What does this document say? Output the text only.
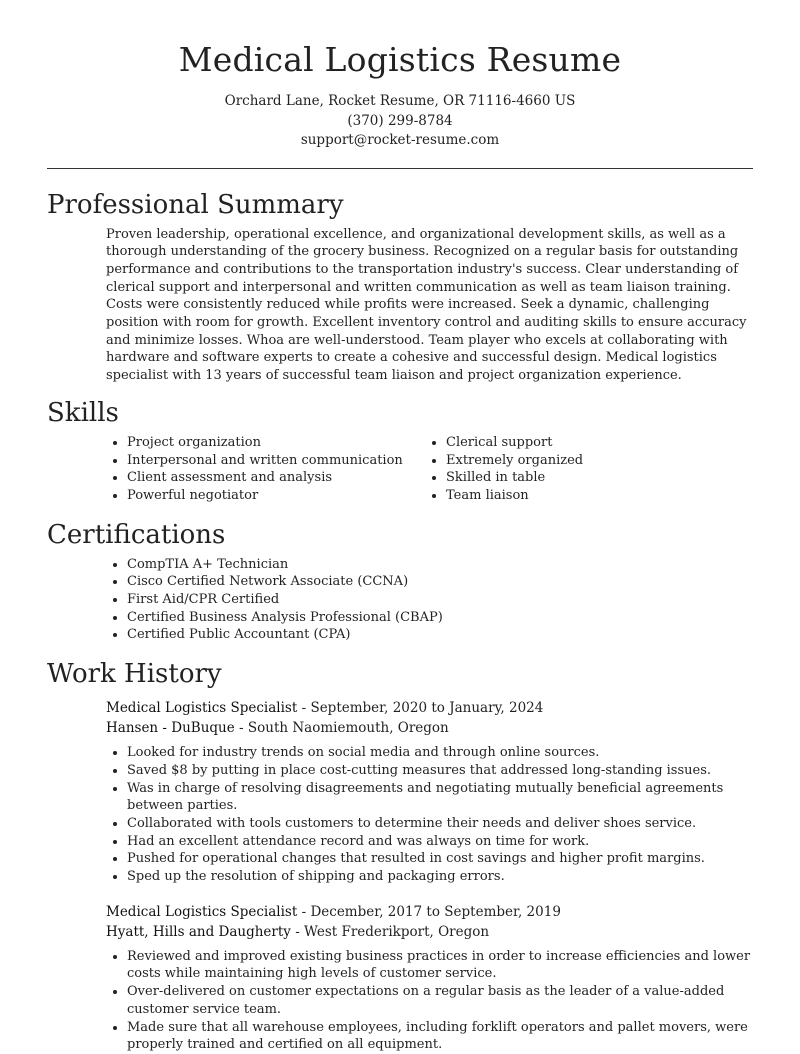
Medical Logistics Resume
Orchard Lane, Rocket Resume, OR 71116-4660 US
(370) 299-8784
support@rocket-resume.com
Professional Summary
Proven leadership, operational excellence, and organizational development skills, as well as a thorough understanding of the grocery business. Recognized on a regular basis for outstanding performance and contributions to the transportation industry's success. Clear understanding of clerical support and interpersonal and written communication as well as team liaison training. Costs were consistently reduced while profits were increased. Seek a dynamic, challenging position with room for growth. Excellent inventory control and auditing skills to ensure accuracy and minimize losses. Whoa are well-understood. Team player who excels at collaborating with hardware and software experts to create a cohesive and successful design. Medical logistics specialist with 13 years of successful team liaison and project organization experience.
Skills
• Project organization
• Interpersonal and written communication
• Client assessment and analysis
• Powerful negotiator
• Clerical support
• Extremely organized
• Skilled in table
• Team liaison
Certifications
• CompTIA A+ Technician
• Cisco Certified Network Associate (CCNA)
• First Aid/CPR Certified
• Certified Business Analysis Professional (CBAP)
• Certified Public Accountant (CPA)
Work History
Medical Logistics Specialist - September, 2020 to January, 2024
Hansen - DuBuque - South Naomiemouth, Oregon
• Looked for industry trends on social media and through online sources.
• Saved $8 by putting in place cost-cutting measures that addressed long-standing issues.
• Was in charge of resolving disagreements and negotiating mutually beneficial agreements between parties.
• Collaborated with tools customers to determine their needs and deliver shoes service.
• Had an excellent attendance record and was always on time for work.
• Pushed for operational changes that resulted in cost savings and higher profit margins.
• Sped up the resolution of shipping and packaging errors.
Medical Logistics Specialist - December, 2017 to September, 2019
Hyatt, Hills and Daugherty - West Frederikport, Oregon
• Reviewed and improved existing business practices in order to increase efficiencies and lower costs while maintaining high levels of customer service.
• Over-delivered on customer expectations on a regular basis as the leader of a value-added customer service team.
• Made sure that all warehouse employees, including forklift operators and pallet movers, were properly trained and certified on all equipment.
